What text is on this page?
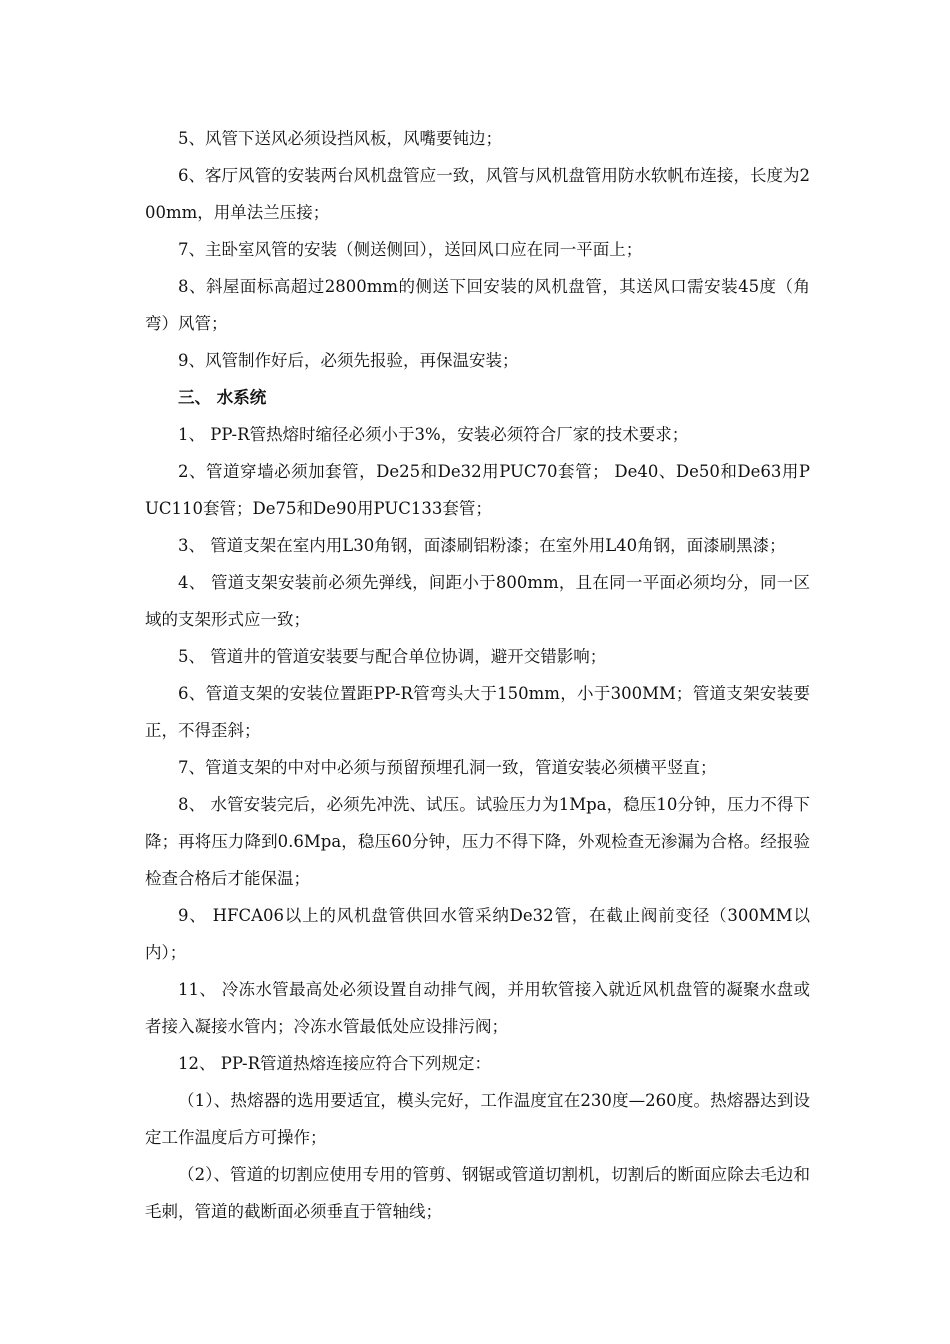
5、风管下送风必须设挡风板，风嘴要钝边；

6、客厅风管的安装两台风机盘管应一致，风管与风机盘管用防水软帆布连接，长度为200mm，用单法兰压接；

7、主卧室风管的安装（侧送侧回），送回风口应在同一平面上；

8、斜屋面标高超过2800mm的侧送下回安装的风机盘管，其送风口需安装45度（角弯）风管；

9、风管制作好后，必须先报验，再保温安装；

三、 水系统

1、 PP-R管热熔时缩径必须小于3%，安装必须符合厂家的技术要求；

2、管道穿墙必须加套管，De25和De32用PUC70套管； De40、De50和De63用PUC110套管；De75和De90用PUC133套管；

3、 管道支架在室内用L30角钢，面漆刷铝粉漆；在室外用L40角钢，面漆刷黑漆；

4、 管道支架安装前必须先弹线，间距小于800mm，且在同一平面必须均分，同一区域的支架形式应一致；

5、 管道井的管道安装要与配合单位协调，避开交错影响；

6、管道支架的安装位置距PP-R管弯头大于150mm，小于300MM；管道支架安装要正，不得歪斜；

7、管道支架的中对中必须与预留预埋孔洞一致，管道安装必须横平竖直；

8、 水管安装完后，必须先冲洗、试压。试验压力为1Mpa，稳压10分钟，压力不得下降；再将压力降到0.6Mpa，稳压60分钟，压力不得下降，外观检查无渗漏为合格。经报验检查合格后才能保温；

9、 HFCA06以上的风机盘管供回水管采纳De32管，在截止阀前变径（300MM以内）；

11、 冷冻水管最高处必须设置自动排气阀，并用软管接入就近风机盘管的凝聚水盘或者接入凝接水管内；冷冻水管最低处应设排污阀；

12、 PP-R管道热熔连接应符合下列规定：

（1）、热熔器的选用要适宜，模头完好，工作温度宜在230度—260度。热熔器达到设定工作温度后方可操作；

（2）、管道的切割应使用专用的管剪、钢锯或管道切割机，切割后的断面应除去毛边和毛刺，管道的截断面必须垂直于管轴线；
